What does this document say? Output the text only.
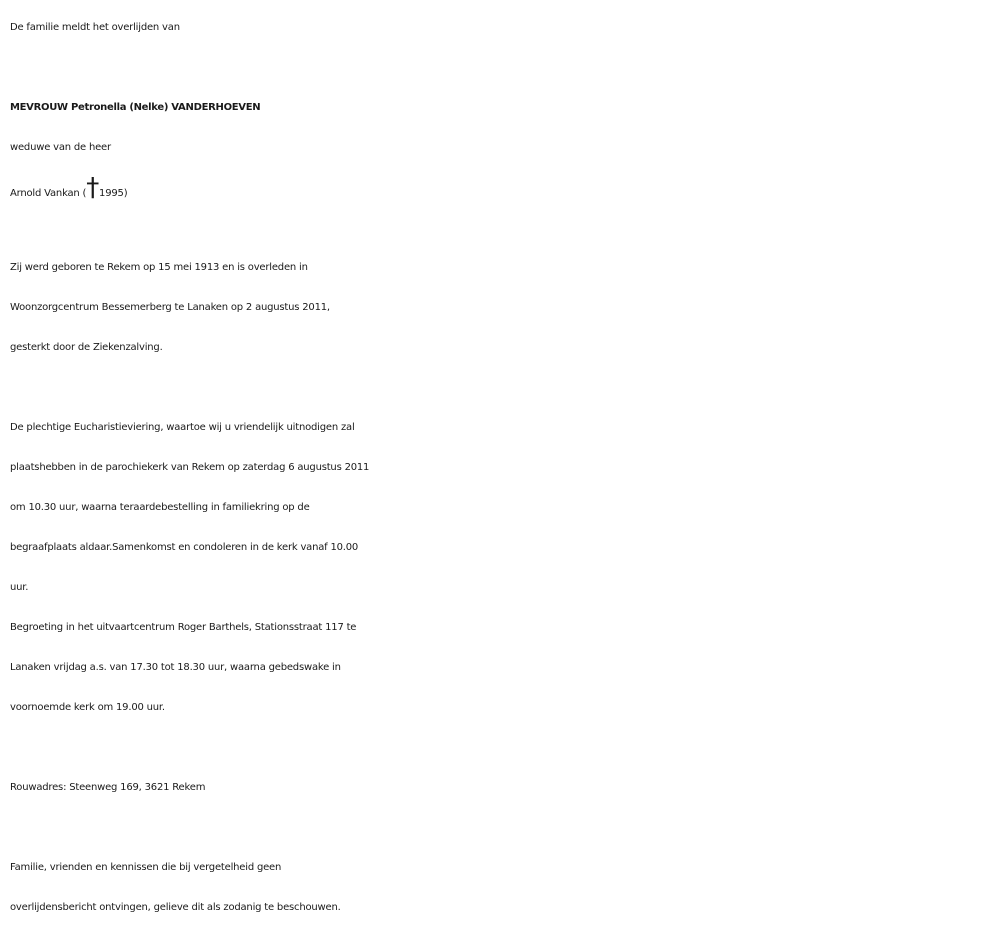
De familie meldt het overlijden van

MEVROUW Petronella (Nelke) VANDERHOEVEN

weduwe van de heer

Arnold Vankan (†1995)

Zij werd geboren te Rekem op 15 mei 1913 en is overleden in

Woonzorgcentrum Bessemerberg te Lanaken op 2 augustus 2011,

gesterkt door de Ziekenzalving.

De plechtige Eucharistieviering, waartoe wij u vriendelijk uitnodigen zal

plaatshebben in de parochiekerk van Rekem op zaterdag 6 augustus 2011

om 10.30 uur, waarna teraardebestelling in familiekring op de

begraafplaats aldaar.Samenkomst en condoleren in de kerk vanaf 10.00

uur.

Begroeting in het uitvaartcentrum Roger Barthels, Stationsstraat 117 te

Lanaken vrijdag a.s. van 17.30 tot 18.30 uur, waarna gebedswake in

voornoemde kerk om 19.00 uur.

Rouwadres: Steenweg 169, 3621 Rekem

Familie, vrienden en kennissen die bij vergetelheid geen

overlijdensbericht ontvingen, gelieve dit als zodanig te beschouwen.
